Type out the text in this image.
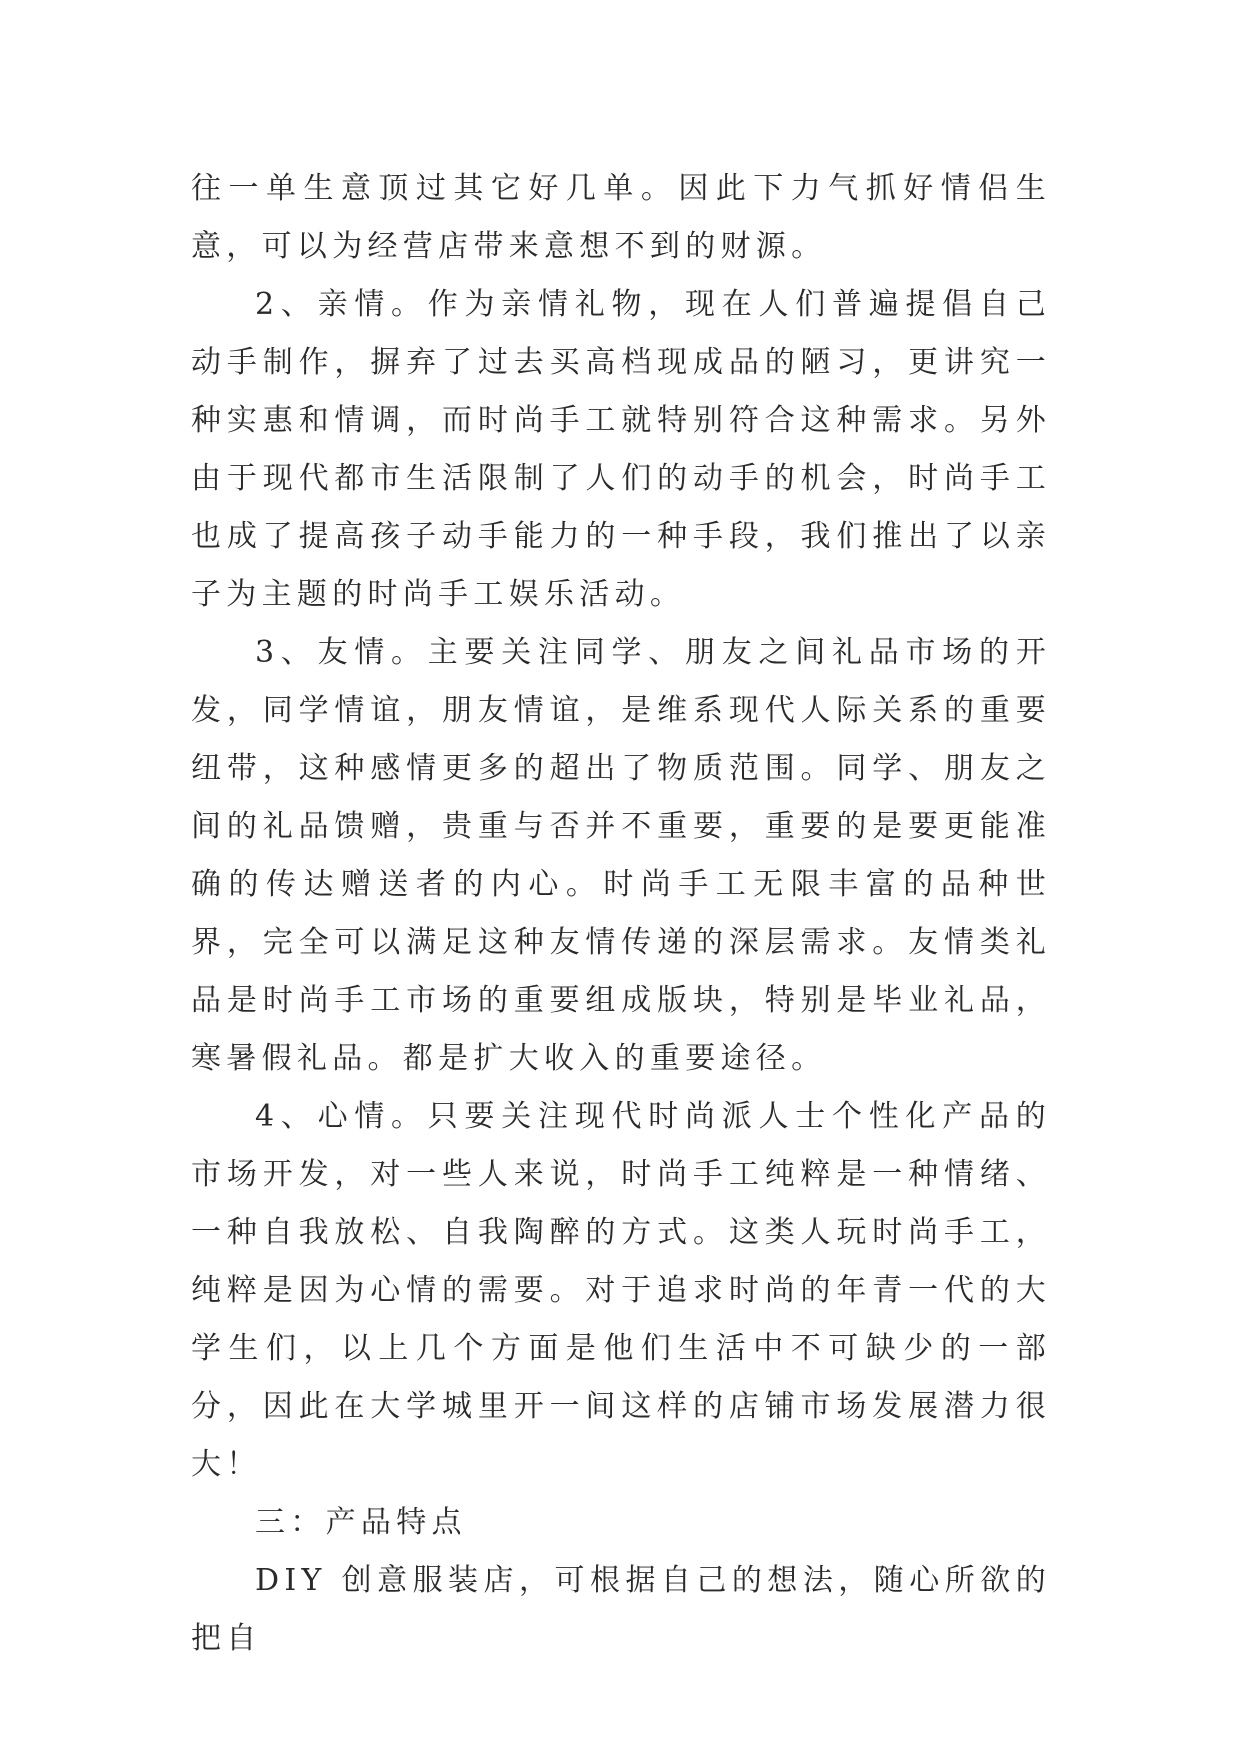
往一单生意顶过其它好几单。因此下力气抓好情侣生意，可以为经营店带来意想不到的财源。

2、亲情。作为亲情礼物，现在人们普遍提倡自己动手制作，摒弃了过去买高档现成品的陋习，更讲究一种实惠和情调，而时尚手工就特别符合这种需求。另外由于现代都市生活限制了人们的动手的机会，时尚手工也成了提高孩子动手能力的一种手段，我们推出了以亲子为主题的时尚手工娱乐活动。

3、友情。主要关注同学、朋友之间礼品市场的开发，同学情谊，朋友情谊，是维系现代人际关系的重要纽带，这种感情更多的超出了物质范围。同学、朋友之间的礼品馈赠，贵重与否并不重要，重要的是要更能准确的传达赠送者的内心。时尚手工无限丰富的品种世界，完全可以满足这种友情传递的深层需求。友情类礼品是时尚手工市场的重要组成版块，特别是毕业礼品，寒暑假礼品。都是扩大收入的重要途径。

4、心情。只要关注现代时尚派人士个性化产品的市场开发，对一些人来说，时尚手工纯粹是一种情绪、一种自我放松、自我陶醉的方式。这类人玩时尚手工，纯粹是因为心情的需要。对于追求时尚的年青一代的大学生们，以上几个方面是他们生活中不可缺少的一部分，因此在大学城里开一间这样的店铺市场发展潜力很大！

三：产品特点

DIY 创意服装店，可根据自己的想法，随心所欲的把自
